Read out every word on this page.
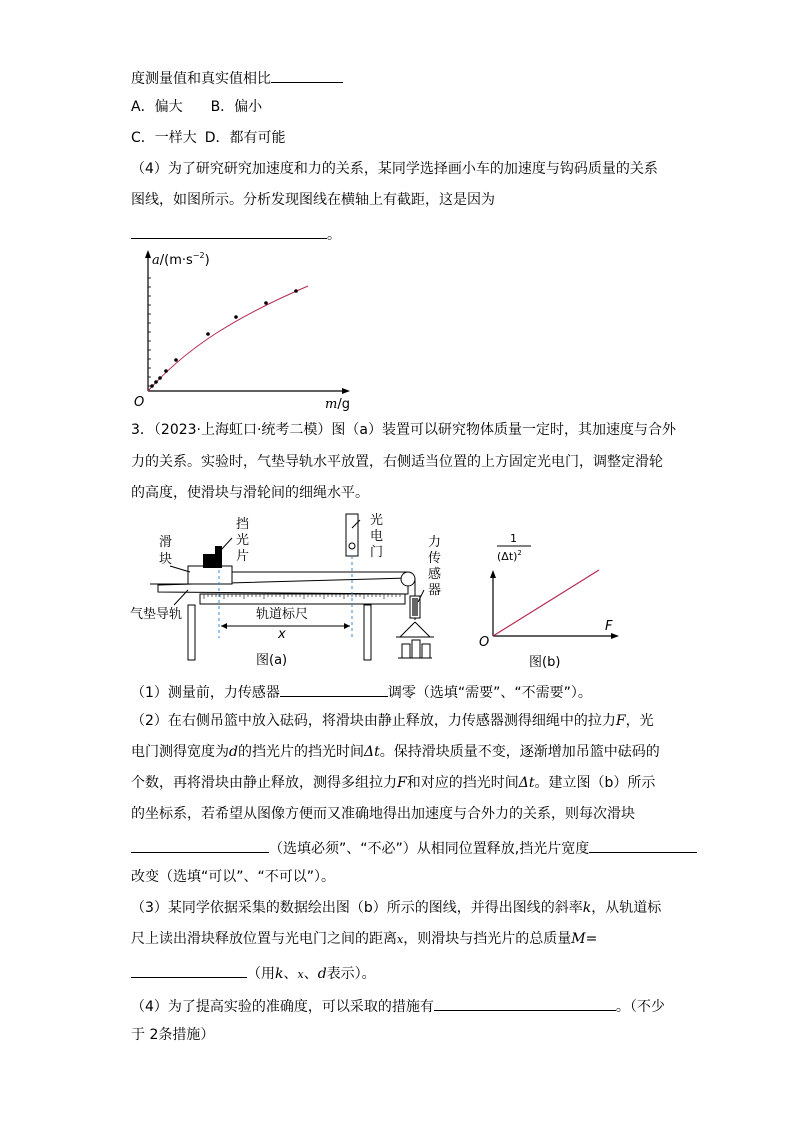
度测量值和真实值相比
A．偏大 B．偏小
C．一样大 D．都有可能
（4）为了研究研究加速度和力的关系，某同学选择画小车的加速度与钩码质量的关系
图线，如图所示。分析发现图线在横轴上有截距，这是因为
。
$a/(m\cdot s^{-2})$
O	m/g
3．（2023·上海虹口·统考二模）图（a）装置可以研究物体质量一定时，其加速度与合外
力的关系。实验时，气垫导轨水平放置，右侧适当位置的上方固定光电门，调整定滑轮
的高度，使滑块与滑轮间的细绳水平。
滑
块
挡
光
片
光
电
门
力
传
感
器
气垫导轨	轨道标尺
x
图(a)
1
$(\Delta t)^2$
O
F
图(b)
（1）测量前，力传感器	调零（选填“需要”、“不需要”）。
（2）在右侧吊篮中放入砝码，将滑块由静止释放，力传感器测得细绳中的拉力F，光
电门测得宽度为d的挡光片的挡光时间Δt。保持滑块质量不变，逐渐增加吊篮中砝码的
个数，再将滑块由静止释放，测得多组拉力F和对应的挡光时间Δt。建立图（b）所示
的坐标系，若希望从图像方便而又准确地得出加速度与合外力的关系，则每次滑块
（选填必须”、“不必”）从相同位置释放,挡光片宽度
改变（选填“可以”、“不可以”）。
（3）某同学依据采集的数据绘出图（b）所示的图线，并得出图线的斜率k，从轨道标
尺上读出滑块释放位置与光电门之间的距离x，则滑块与挡光片的总质量M=
（用k、x、d表示）。
（4）为了提高实验的准确度，可以采取的措施有	。（不少
于 2条措施）
